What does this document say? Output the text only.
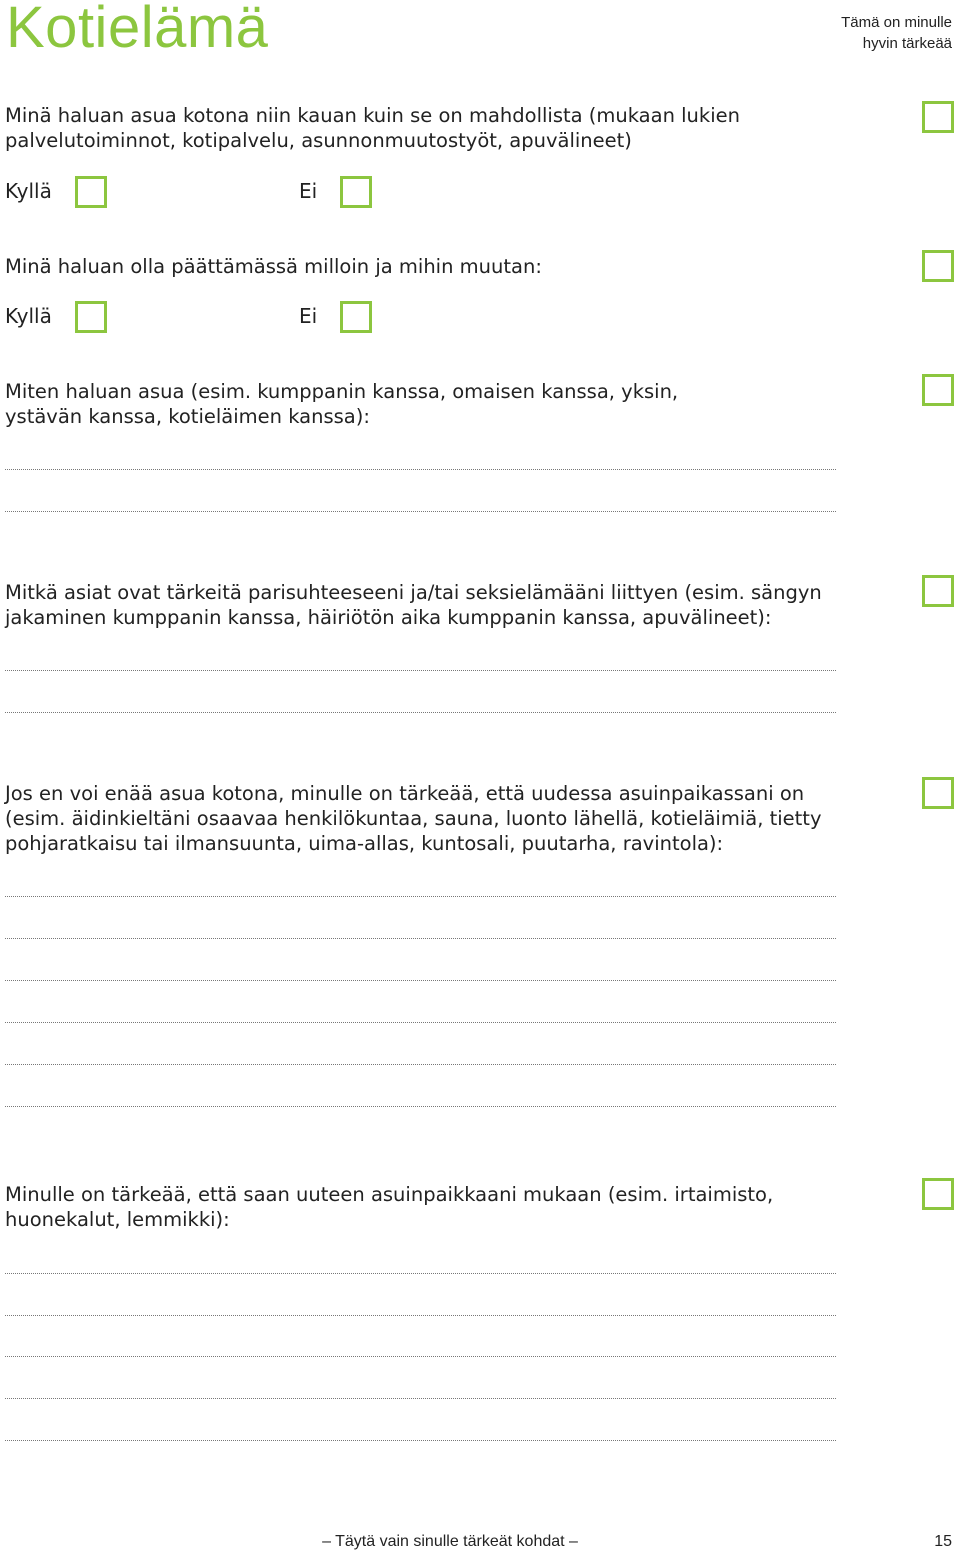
Kotielämä	Tämä on minulle
hyvin tärkeää
Minä haluan asua kotona niin kauan kuin se on mahdollista (mukaan lukien
palvelutoiminnot, kotipalvelu, asunnonmuutostyöt, apuvälineet)
Kyllä	Ei
Minä haluan olla päättämässä milloin ja mihin muutan:
Kyllä	Ei
Miten haluan asua (esim. kumppanin kanssa, omaisen kanssa, yksin,
ystävän kanssa, kotieläimen kanssa):
Mitkä asiat ovat tärkeitä parisuhteeseeni ja/tai seksielämääni liittyen (esim. sängyn
jakaminen kumppanin kanssa, häiriötön aika kumppanin kanssa, apuvälineet):
Jos en voi enää asua kotona, minulle on tärkeää, että uudessa asuinpaikassani on
(esim. äidinkieltäni osaavaa henkilökuntaa, sauna, luonto lähellä, kotieläimiä, tietty
pohjaratkaisu tai ilmansuunta, uima-allas, kuntosali, puutarha, ravintola):
Minulle on tärkeää, että saan uuteen asuinpaikkaani mukaan (esim. irtaimisto,
huonekalut, lemmikki):
– Täytä vain sinulle tärkeät kohdat –	15
